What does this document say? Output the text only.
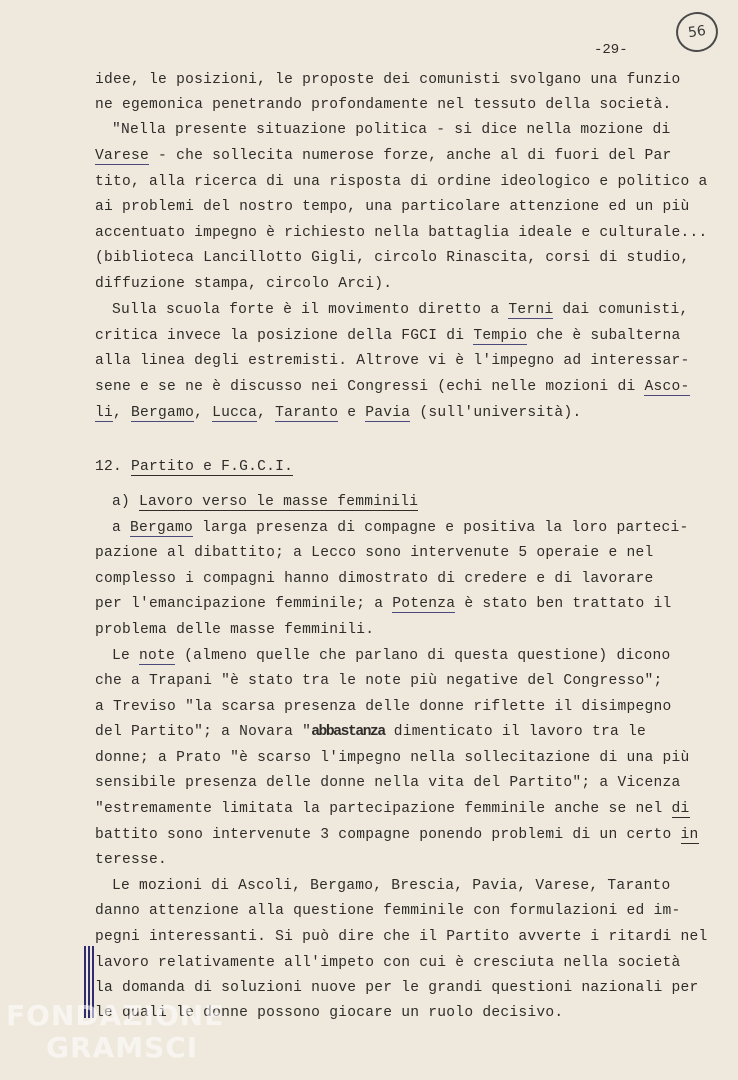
56
-29-
idee, le posizioni, le proposte dei comunisti svolgano una funzio
ne egemonica penetrando profondamente nel tessuto della società.
"Nella presente situazione politica - si dice nella mozione di
Varese - che sollecita numerose forze, anche al di fuori del Par
tito, alla ricerca di una risposta di ordine ideologico e politico a
ai problemi del nostro tempo, una particolare attenzione ed un più
accentuato impegno è richiesto nella battaglia ideale e culturale...
(biblioteca Lancillotto Gigli, circolo Rinascita, corsi di studio,
diffuzione stampa, circolo Arci).
Sulla scuola forte è il movimento diretto a Terni dai comunisti,
critica invece la posizione della FGCI di Tempio che è subalterna
alla linea degli estremisti. Altrove vi è l'impegno ad interessar-
sene e se ne è discusso nei Congressi (echi nelle mozioni di Asco-
li, Bergamo, Lucca, Taranto e Pavia (sull'università).
12. Partito e F.G.C.I.
a) Lavoro verso le masse femminili
a Bergamo larga presenza di compagne e positiva la loro parteci-
pazione al dibattito; a Lecco sono intervenute 5 operaie e nel
complesso i compagni hanno dimostrato di credere e di lavorare
per l'emancipazione femminile; a Potenza è stato ben trattato il
problema delle masse femminili.
Le note (almeno quelle che parlano di questa questione) dicono
che a Trapani "è stato tra le note più negative del Congresso";
a Treviso "la scarsa presenza delle donne riflette il disimpegno
del Partito"; a Novara "abbastanza dimenticato il lavoro tra le
donne; a Prato "è scarso l'impegno nella sollecitazione di una più
sensibile presenza delle donne nella vita del Partito"; a Vicenza
"estremamente limitata la partecipazione femminile anche se nel di
battito sono intervenute 3 compagne ponendo problemi di un certo in
teresse.
Le mozioni di Ascoli, Bergamo, Brescia, Pavia, Varese, Taranto
danno attenzione alla questione femminile con formulazioni ed im-
pegni interessanti. Si può dire che il Partito avverte i ritardi nel
lavoro relativamente all'impeto con cui è cresciuta nella società
la domanda di soluzioni nuove per le grandi questioni nazionali per
le quali le donne possono giocare un ruolo decisivo.
FONDAZIONE
GRAMSCI
